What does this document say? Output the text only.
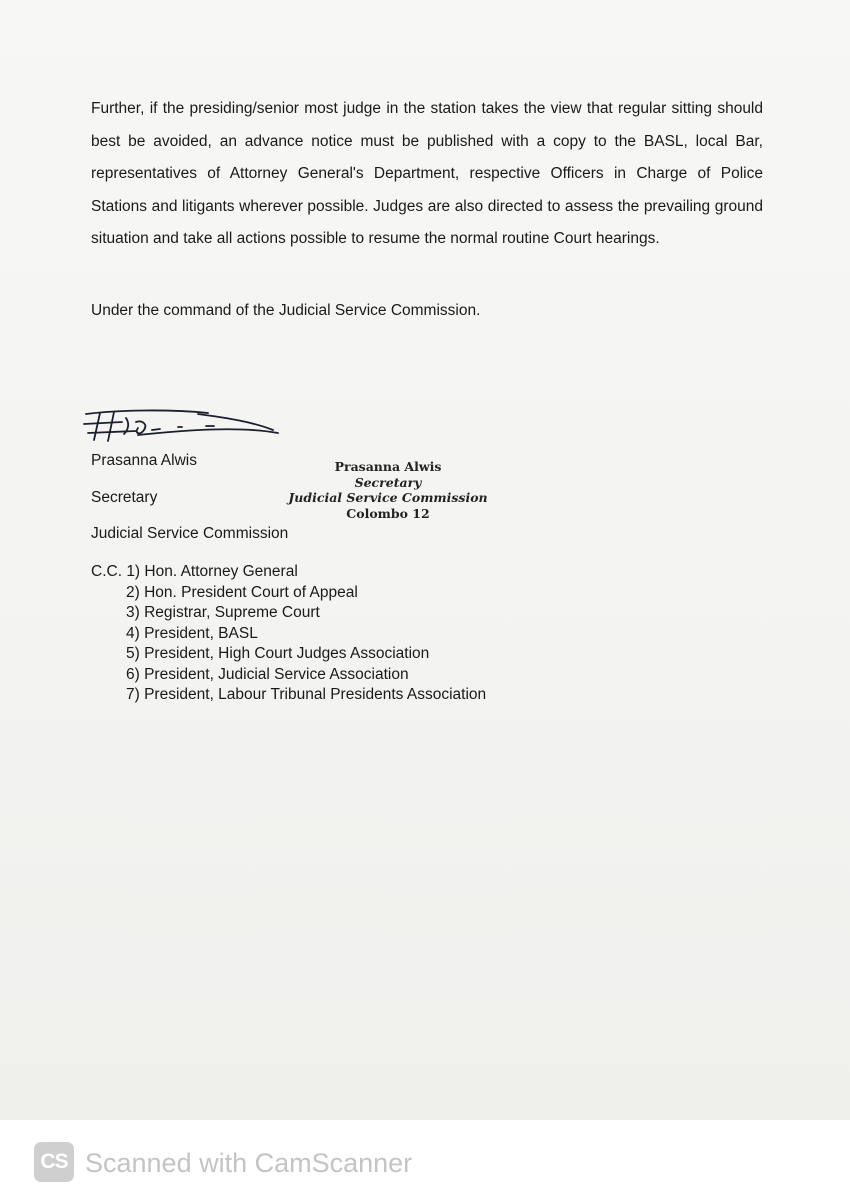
Further, if the presiding/senior most judge in the station takes the view that regular sitting should best be avoided, an advance notice must be published with a copy to the BASL, local Bar, representatives of Attorney General's Department, respective Officers in Charge of Police Stations and litigants wherever possible. Judges are also directed to assess the prevailing ground situation and take all actions possible to resume the normal routine Court hearings.

Under the command of the Judicial Service Commission.

Prasanna Alwis
Secretary
Judicial Service Commission
Prasanna Alwis
Secretary
Judicial Service Commission
Colombo 12
C.C. 1) Hon. Attorney General
2) Hon. President Court of Appeal
3) Registrar, Supreme Court
4) President, BASL
5) President, High Court Judges Association
6) President, Judicial Service Association
7) President, Labour Tribunal Presidents Association
CS Scanned with CamScanner
